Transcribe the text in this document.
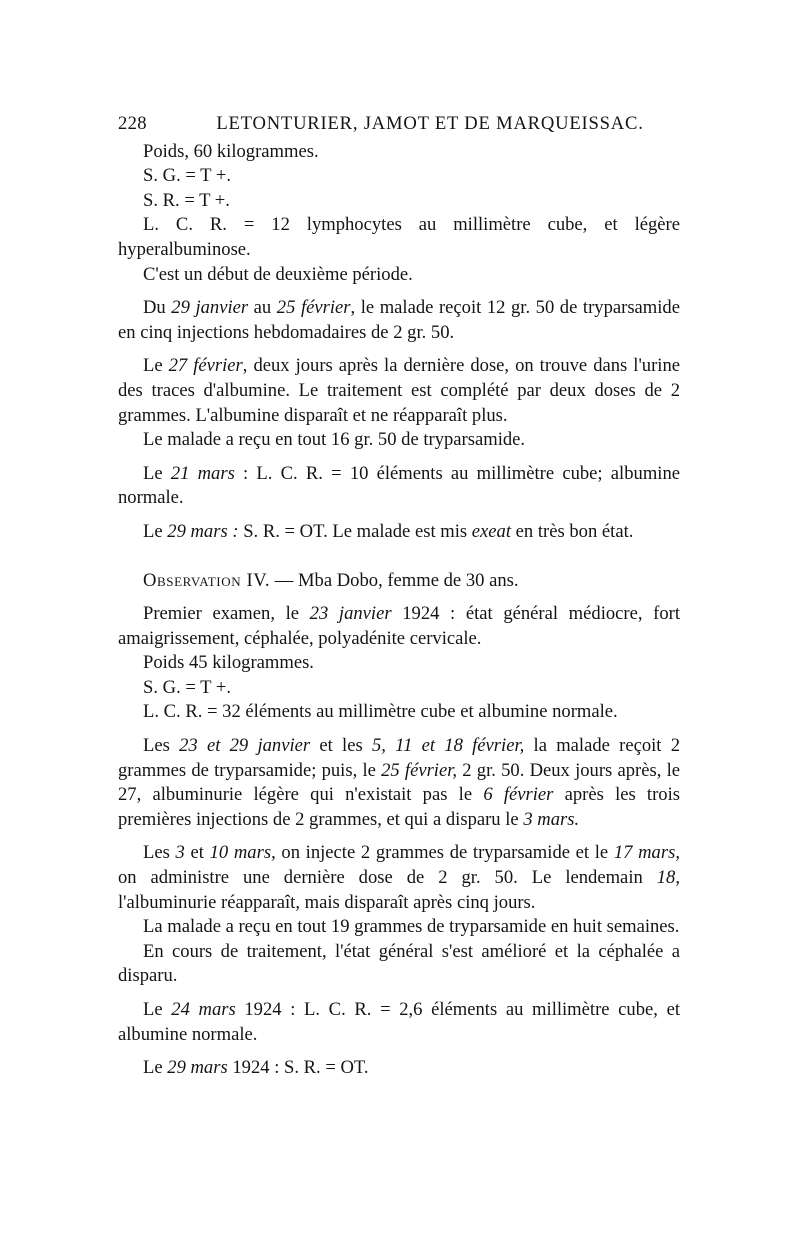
228	LETONTURIER, JAMOT ET DE MARQUEISSAC.

Poids, 60 kilogrammes.

S. G. = T +.

S. R. = T +.

L. C. R. = 12 lymphocytes au millimètre cube, et légère hyperalbuminose.

C'est un début de deuxième période.

Du 29 janvier au 25 février, le malade reçoit 12 gr. 50 de tryparsamide en cinq injections hebdomadaires de 2 gr. 50.

Le 27 février, deux jours après la dernière dose, on trouve dans l'urine des traces d'albumine. Le traitement est complété par deux doses de 2 grammes. L'albumine disparaît et ne réapparaît plus.

Le malade a reçu en tout 16 gr. 50 de tryparsamide.

Le 21 mars : L. C. R. = 10 éléments au millimètre cube; albumine normale.

Le 29 mars : S. R. = OT. Le malade est mis exeat en très bon état.

Observation IV. — Mba Dobo, femme de 30 ans.

Premier examen, le 23 janvier 1924 : état général médiocre, fort amaigrissement, céphalée, polyadénite cervicale.

Poids 45 kilogrammes.

S. G. = T +.

L. C. R. = 32 éléments au millimètre cube et albumine normale.

Les 23 et 29 janvier et les 5, 11 et 18 février, la malade reçoit 2 grammes de tryparsamide; puis, le 25 février, 2 gr. 50. Deux jours après, le 27, albuminurie légère qui n'existait pas le 6 février après les trois premières injections de 2 grammes, et qui a disparu le 3 mars.

Les 3 et 10 mars, on injecte 2 grammes de tryparsamide et le 17 mars, on administre une dernière dose de 2 gr. 50. Le lendemain 18, l'albuminurie réapparaît, mais disparaît après cinq jours.

La malade a reçu en tout 19 grammes de tryparsamide en huit semaines.

En cours de traitement, l'état général s'est amélioré et la céphalée a disparu.

Le 24 mars 1924 : L. C. R. = 2,6 éléments au millimètre cube, et albumine normale.

Le 29 mars 1924 : S. R. = OT.
